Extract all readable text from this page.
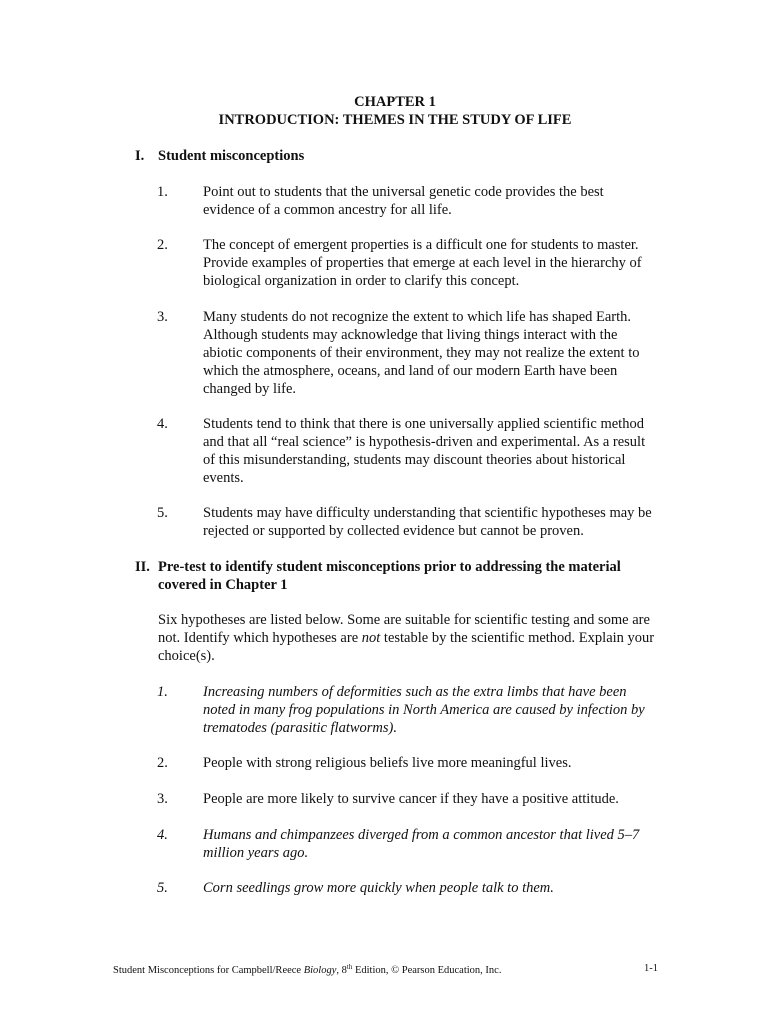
CHAPTER 1
INTRODUCTION: THEMES IN THE STUDY OF LIFE
I. Student misconceptions
1. Point out to students that the universal genetic code provides the best evidence of a common ancestry for all life.
2. The concept of emergent properties is a difficult one for students to master. Provide examples of properties that emerge at each level in the hierarchy of biological organization in order to clarify this concept.
3. Many students do not recognize the extent to which life has shaped Earth. Although students may acknowledge that living things interact with the abiotic components of their environment, they may not realize the extent to which the atmosphere, oceans, and land of our modern Earth have been changed by life.
4. Students tend to think that there is one universally applied scientific method and that all “real science” is hypothesis-driven and experimental. As a result of this misunderstanding, students may discount theories about historical events.
5. Students may have difficulty understanding that scientific hypotheses may be rejected or supported by collected evidence but cannot be proven.
II. Pre-test to identify student misconceptions prior to addressing the material covered in Chapter 1
Six hypotheses are listed below. Some are suitable for scientific testing and some are not. Identify which hypotheses are not testable by the scientific method. Explain your choice(s).
1. Increasing numbers of deformities such as the extra limbs that have been noted in many frog populations in North America are caused by infection by trematodes (parasitic flatworms).
2. People with strong religious beliefs live more meaningful lives.
3. People are more likely to survive cancer if they have a positive attitude.
4. Humans and chimpanzees diverged from a common ancestor that lived 5–7 million years ago.
5. Corn seedlings grow more quickly when people talk to them.
Student Misconceptions for Campbell/Reece Biology, 8th Edition, © Pearson Education, Inc.	1-1
